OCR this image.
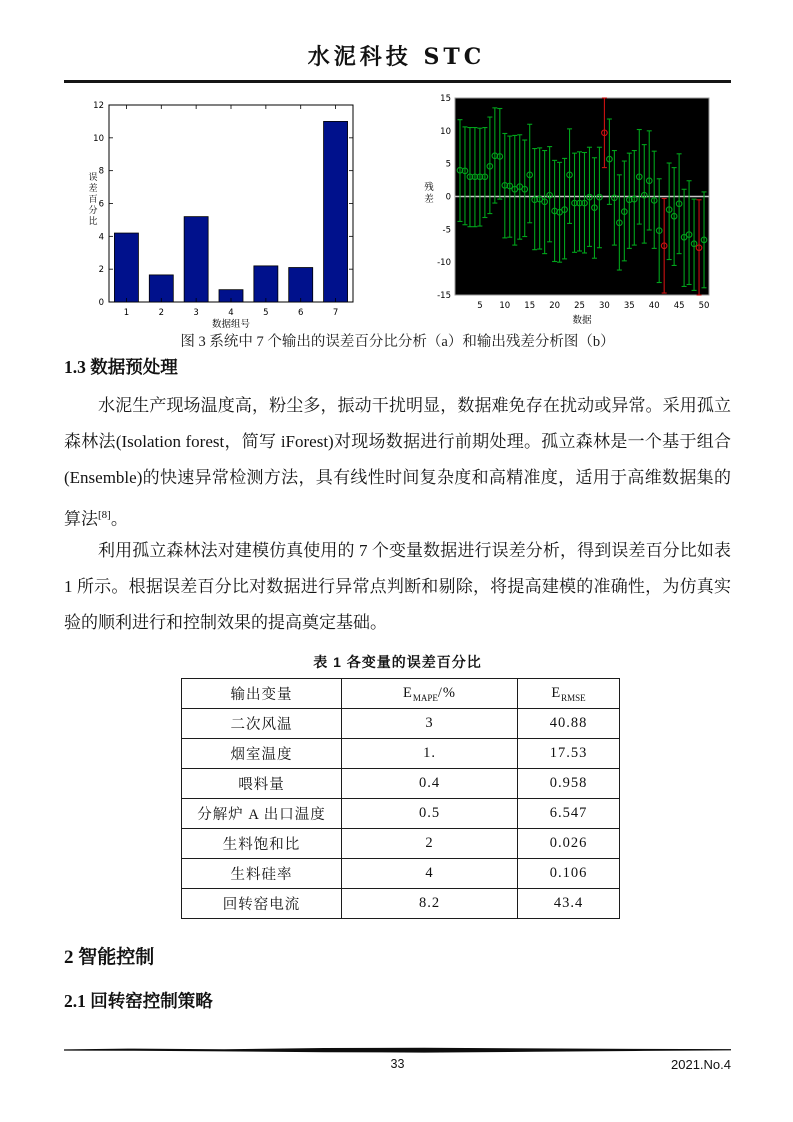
水泥科技 STC
1	2	3	4	5	6	7
0
2
4
6
8
10
12
误差百分比
数据组号
-15
-10
-5
0
5
10
15
5 10 15 20 25 30 35 40 45 50
残差
数据
图 3 系统中 7 个输出的误差百分比分析（a）和输出残差分析图（b）
1.3 数据预处理
水泥生产现场温度高，粉尘多，振动干扰明显，数据难免存在扰动或异常。采用孤立森林法(Isolation forest，简写 iForest)对现场数据进行前期处理。孤立森林是一个基于组合(Ensemble)的快速异常检测方法，具有线性时间复杂度和高精准度，适用于高维数据集的算法[8]。
利用孤立森林法对建模仿真使用的 7 个变量数据进行误差分析，得到误差百分比如表 1 所示。根据误差百分比对数据进行异常点判断和剔除，将提高建模的准确性，为仿真实验的顺利进行和控制效果的提高奠定基础。
表 1 各变量的误差百分比
输出变量	$E_{MAPE}/\%$	$E_{RMSE}$
二次风温	3	40.88
烟室温度	1.	17.53
喂料量	0.4	0.958
分解炉 A 出口温度	0.5	6.547
生料饱和比	2	0.026
生料硅率	4	0.106
回转窑电流	8.2	43.4
2 智能控制
2.1 回转窑控制策略
33	2021.No.4
